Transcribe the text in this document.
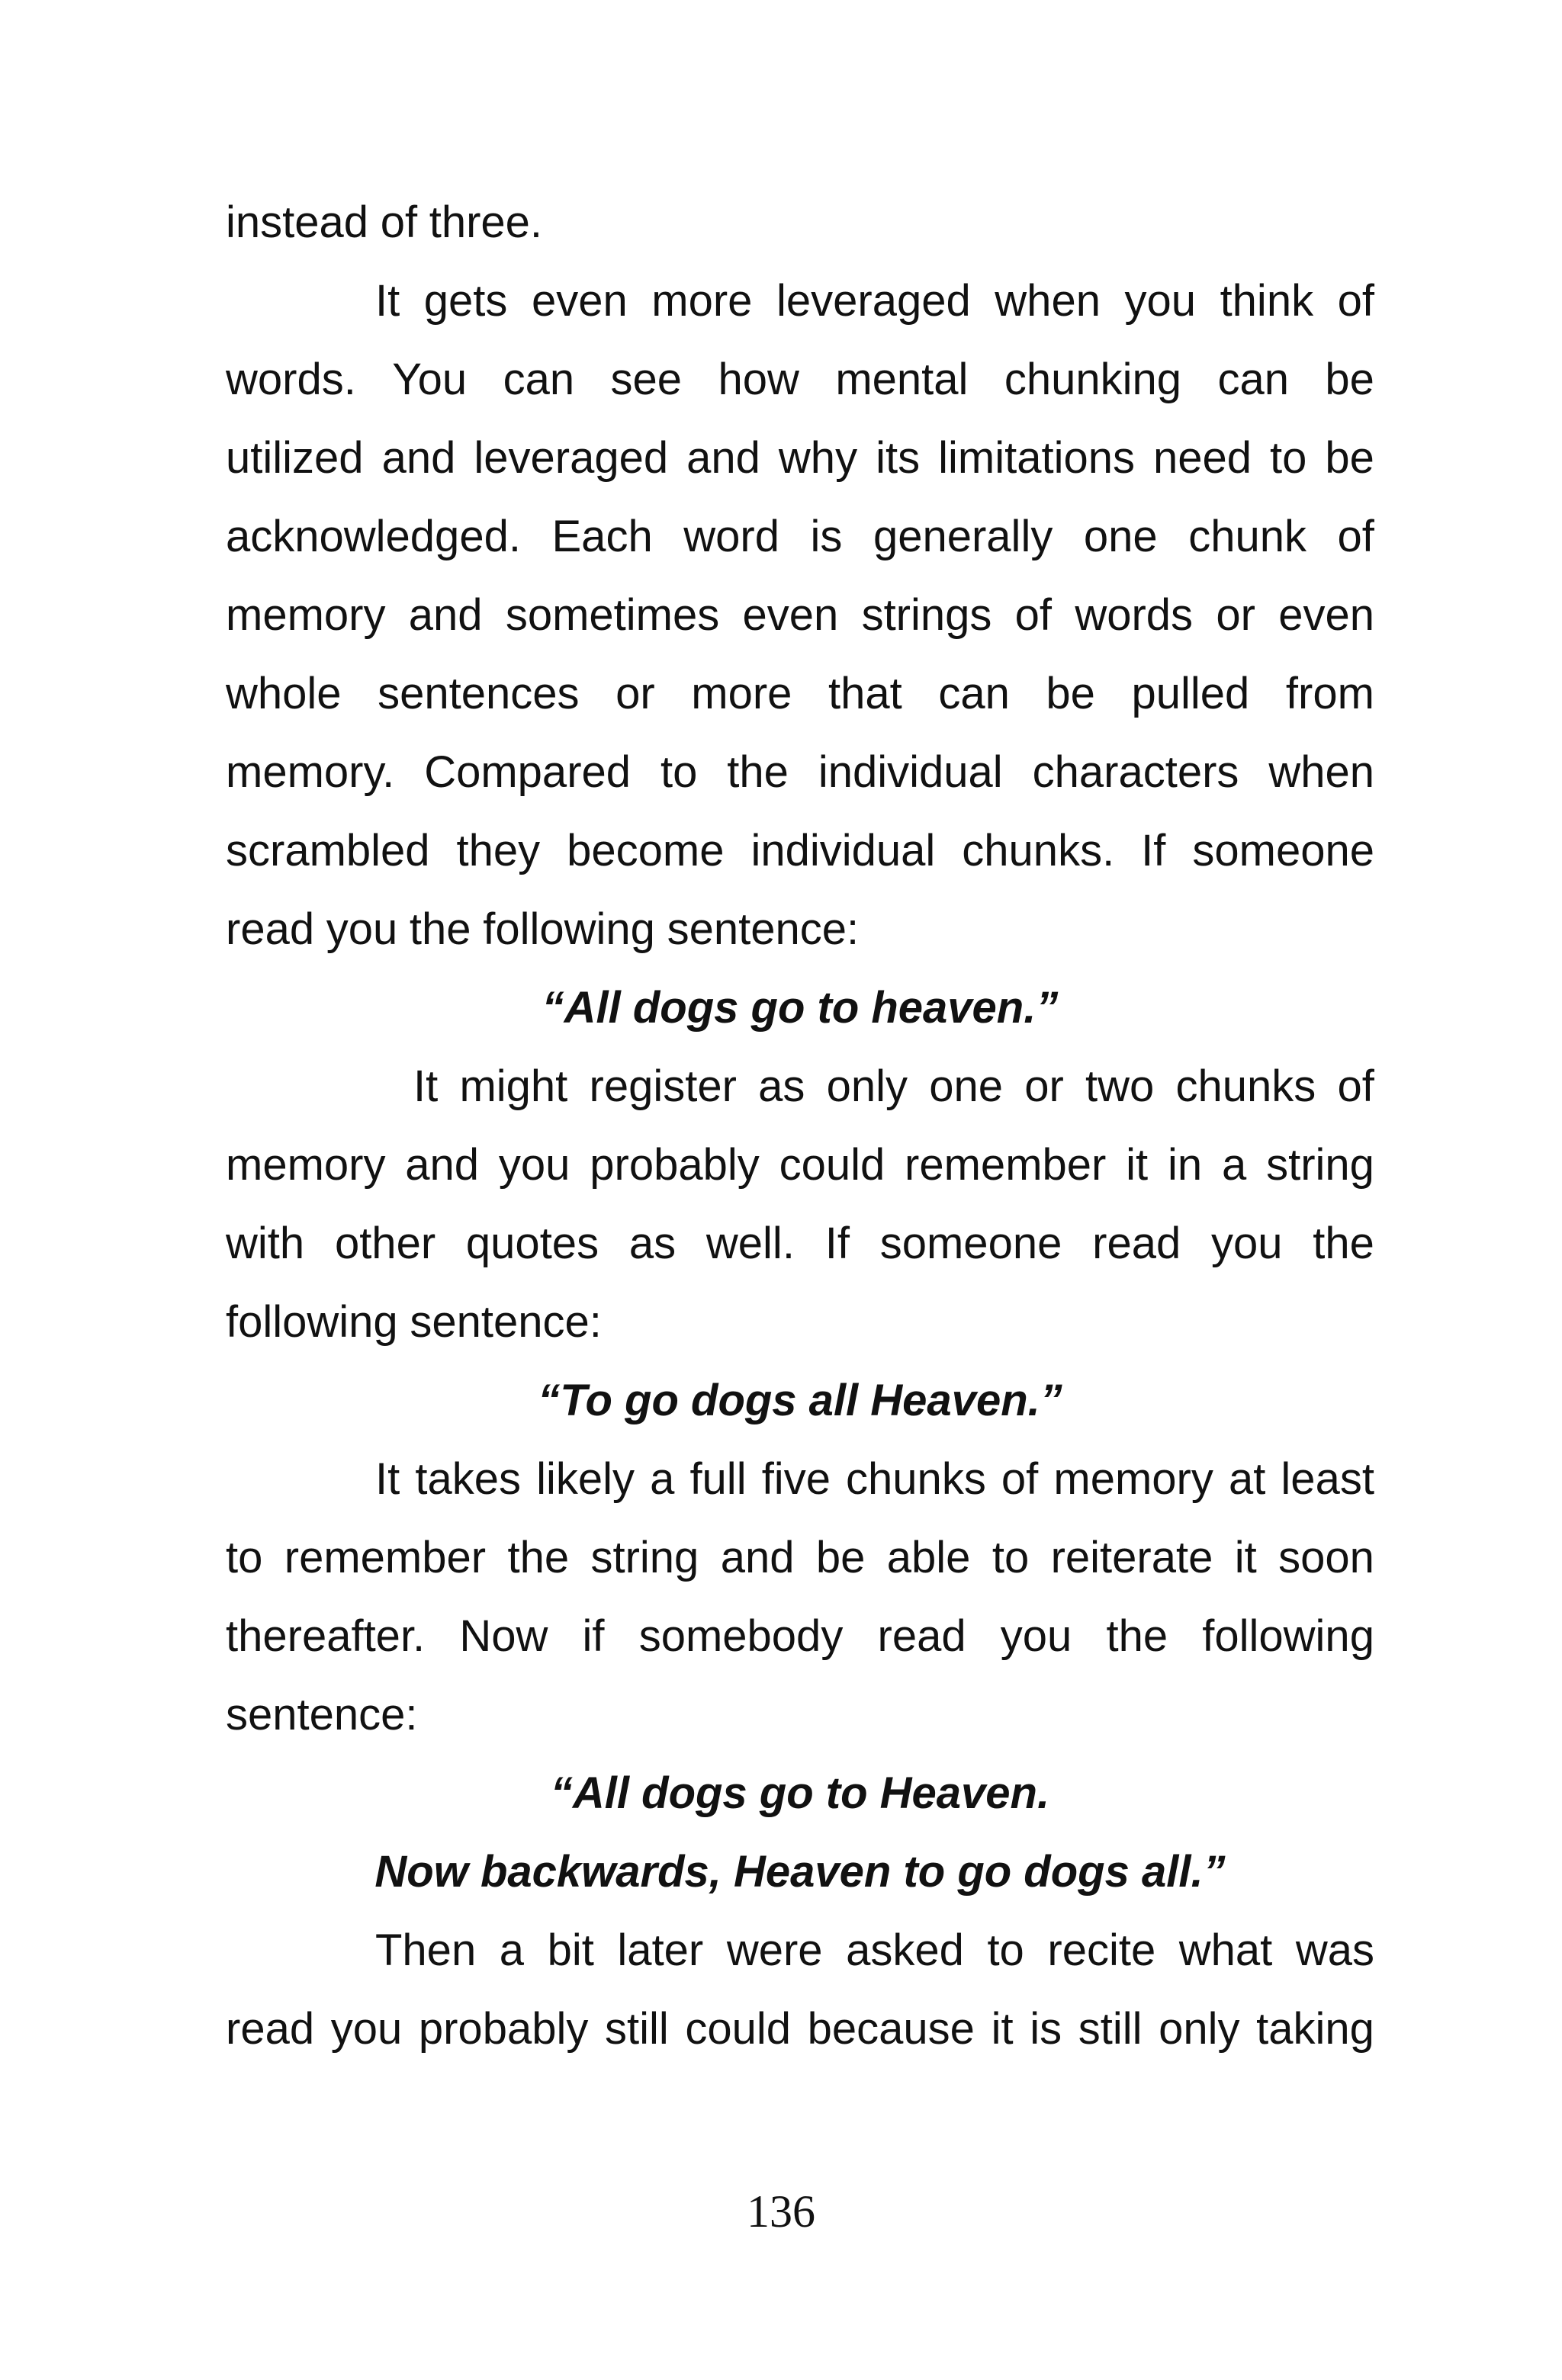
instead of three.
It gets even more leveraged when you think of
words. You can see how mental chunking can be
utilized and leveraged and why its limitations need to be
acknowledged. Each word is generally one chunk of
memory and sometimes even strings of words or even
whole sentences or more that can be pulled from
memory. Compared to the individual characters when
scrambled they become individual chunks. If someone
read you the following sentence:
“All dogs go to heaven.”
It might register as only one or two chunks of
memory and you probably could remember it in a string
with other quotes as well. If someone read you the
following sentence:
“To go dogs all Heaven.”
It takes likely a full five chunks of memory at least
to remember the string and be able to reiterate it soon
thereafter. Now if somebody read you the following
sentence:
“All dogs go to Heaven.
Now backwards, Heaven to go dogs all.”
Then a bit later were asked to recite what was
read you probably still could because it is still only taking
136
